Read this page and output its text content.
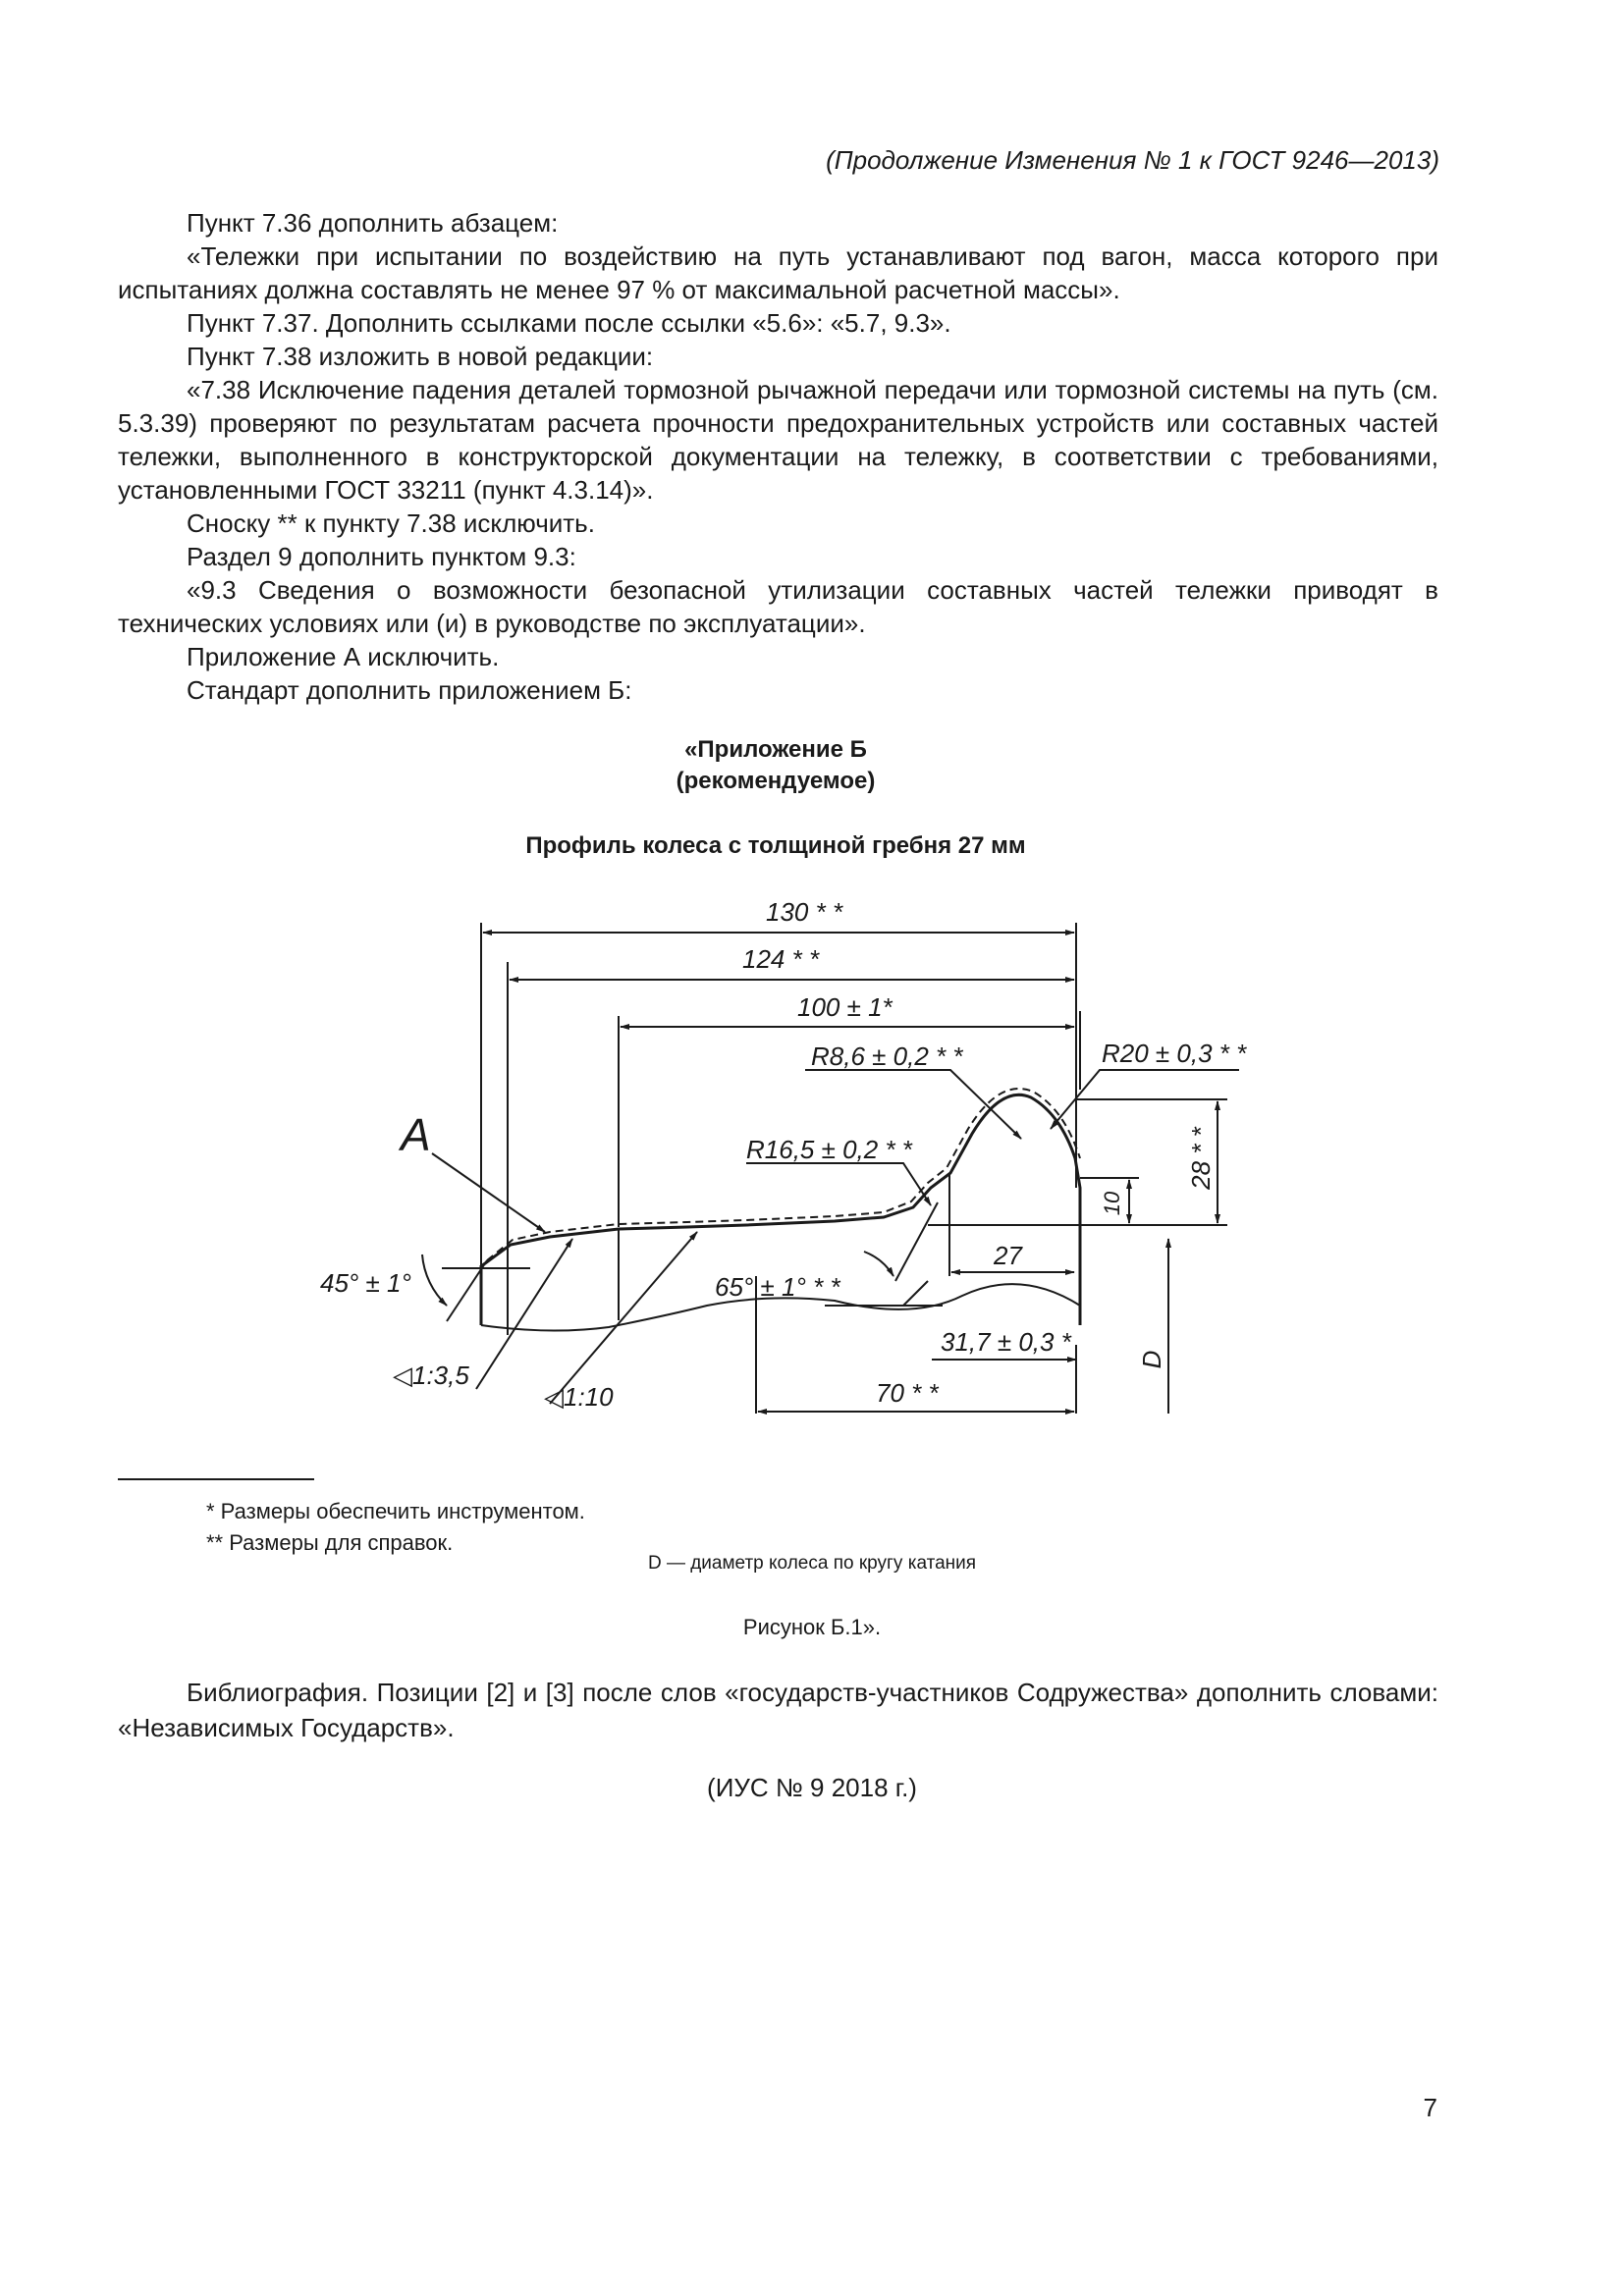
(Продолжение Изменения № 1 к ГОСТ 9246—2013)

Пункт 7.36 дополнить абзацем:

«Тележки при испытании по воздействию на путь устанавливают под вагон, масса которого при испытаниях должна составлять не менее 97 % от максимальной расчетной массы».

Пункт 7.37. Дополнить ссылками после ссылки «5.6»: «5.7, 9.3».

Пункт 7.38 изложить в новой редакции:

«7.38 Исключение падения деталей тормозной рычажной передачи или тормозной системы на путь (см. 5.3.39) проверяют по результатам расчета прочности предохранительных устройств или составных частей тележки, выполненного в конструкторской документации на тележку, в соответствии с требованиями, установленными ГОСТ 33211 (пункт 4.3.14)».

Сноску ** к пункту 7.38 исключить.

Раздел 9 дополнить пунктом 9.3:

«9.3 Сведения о возможности безопасной утилизации составных частей тележки приводят в технических условиях или (и) в руководстве по эксплуатации».

Приложение А исключить.

Стандарт дополнить приложением Б:

«Приложение Б
(рекомендуемое)
Профиль колеса с толщиной гребня 27 мм
130 * *
124 * *
100 ± 1*
R8,6 ± 0,2 * *	R20 ± 0,3 * *
A	R16,5 ± 0,2 * *	28 * *
10
45° ± 1°	65° ± 1° * *
27
31,7 ± 0,3 *
D
◁1:3,5
◁1:10	70 * *
* Размеры обеспечить инструментом.
** Размеры для справок.
D — диаметр колеса по кругу катания
Рисунок Б.1».
Библиография. Позиции [2] и [3] после слов «государств-участников Содружества» дополнить словами: «Независимых Государств».
(ИУС № 9 2018 г.)
7
